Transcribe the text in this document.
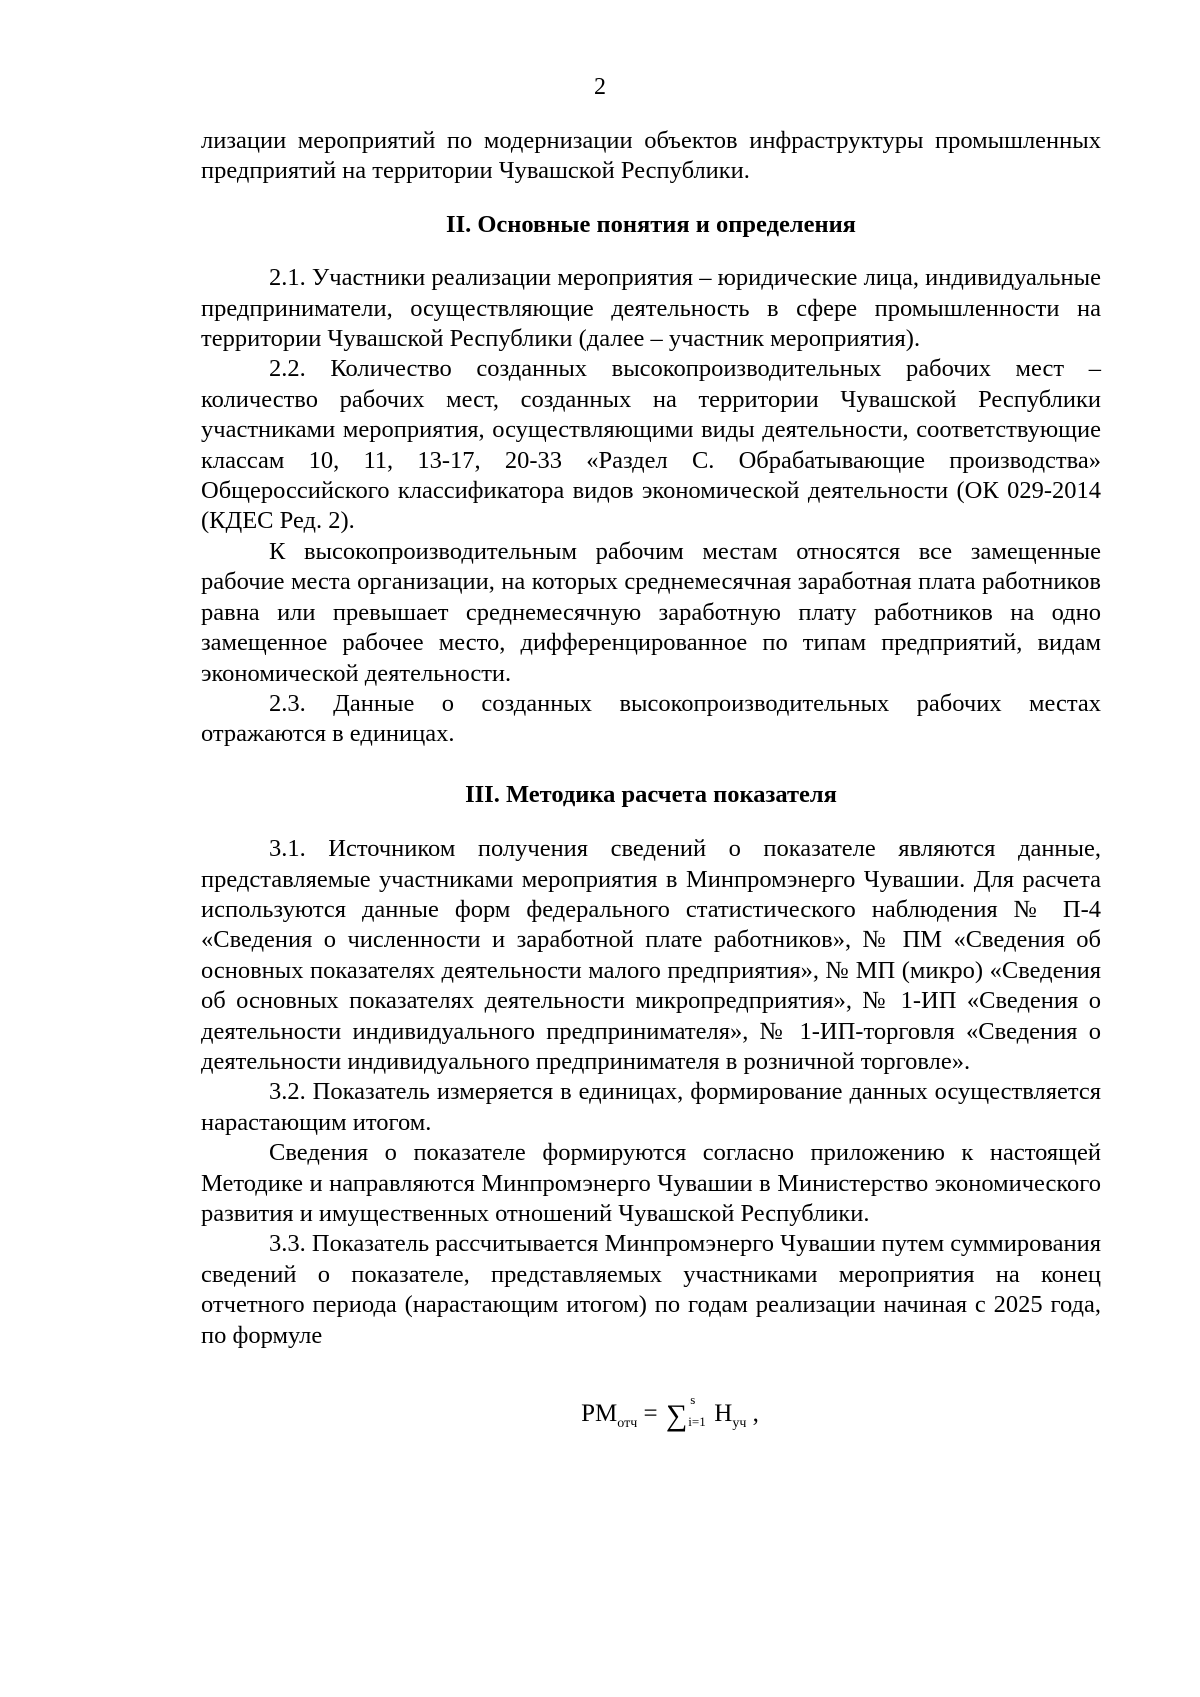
2

лизации мероприятий по модернизации объектов инфраструктуры промышленных предприятий на территории Чувашской Республики.

II. Основные понятия и определения

2.1. Участники реализации мероприятия – юридические лица, индивидуальные предприниматели, осуществляющие деятельность в сфере промышленности на территории Чувашской Республики (далее – участник мероприятия).

2.2. Количество созданных высокопроизводительных рабочих мест – количество рабочих мест, созданных на территории Чувашской Республики участниками мероприятия, осуществляющими виды деятельности, соответствующие классам 10, 11, 13-17, 20-33 «Раздел С. Обрабатывающие производства» Общероссийского классификатора видов экономической деятельности (ОК 029-2014 (КДЕС Ред. 2).

К высокопроизводительным рабочим местам относятся все замещенные рабочие места организации, на которых среднемесячная заработная плата работников равна или превышает среднемесячную заработную плату работников на одно замещенное рабочее место, дифференцированное по типам предприятий, видам экономической деятельности.

2.3. Данные о созданных высокопроизводительных рабочих местах отражаются в единицах.

III. Методика расчета показателя

3.1. Источником получения сведений о показателе являются данные, представляемые участниками мероприятия в Минпромэнерго Чувашии. Для расчета используются данные форм федерального статистического наблюдения № П-4 «Сведения о численности и заработной плате работников», № ПМ «Сведения об основных показателях деятельности малого предприятия», № МП (микро) «Сведения об основных показателях деятельности микропредприятия», № 1-ИП «Сведения о деятельности индивидуального предпринимателя», № 1-ИП-торговля «Сведения о деятельности индивидуального предпринимателя в розничной торговле».

3.2. Показатель измеряется в единицах, формирование данных осуществляется нарастающим итогом.

Сведения о показателе формируются согласно приложению к настоящей Методике и направляются Минпромэнерго Чувашии в Министерство экономического развития и имущественных отношений Чувашской Республики.

3.3. Показатель рассчитывается Минпромэнерго Чувашии путем суммирования сведений о показателе, представляемых участниками мероприятия на конец отчетного периода (нарастающим итогом) по годам реализации начиная с 2025 года, по формуле

$РМ_{отч}$ = ∑ s
i=1 $Н_{уч}$ ,
